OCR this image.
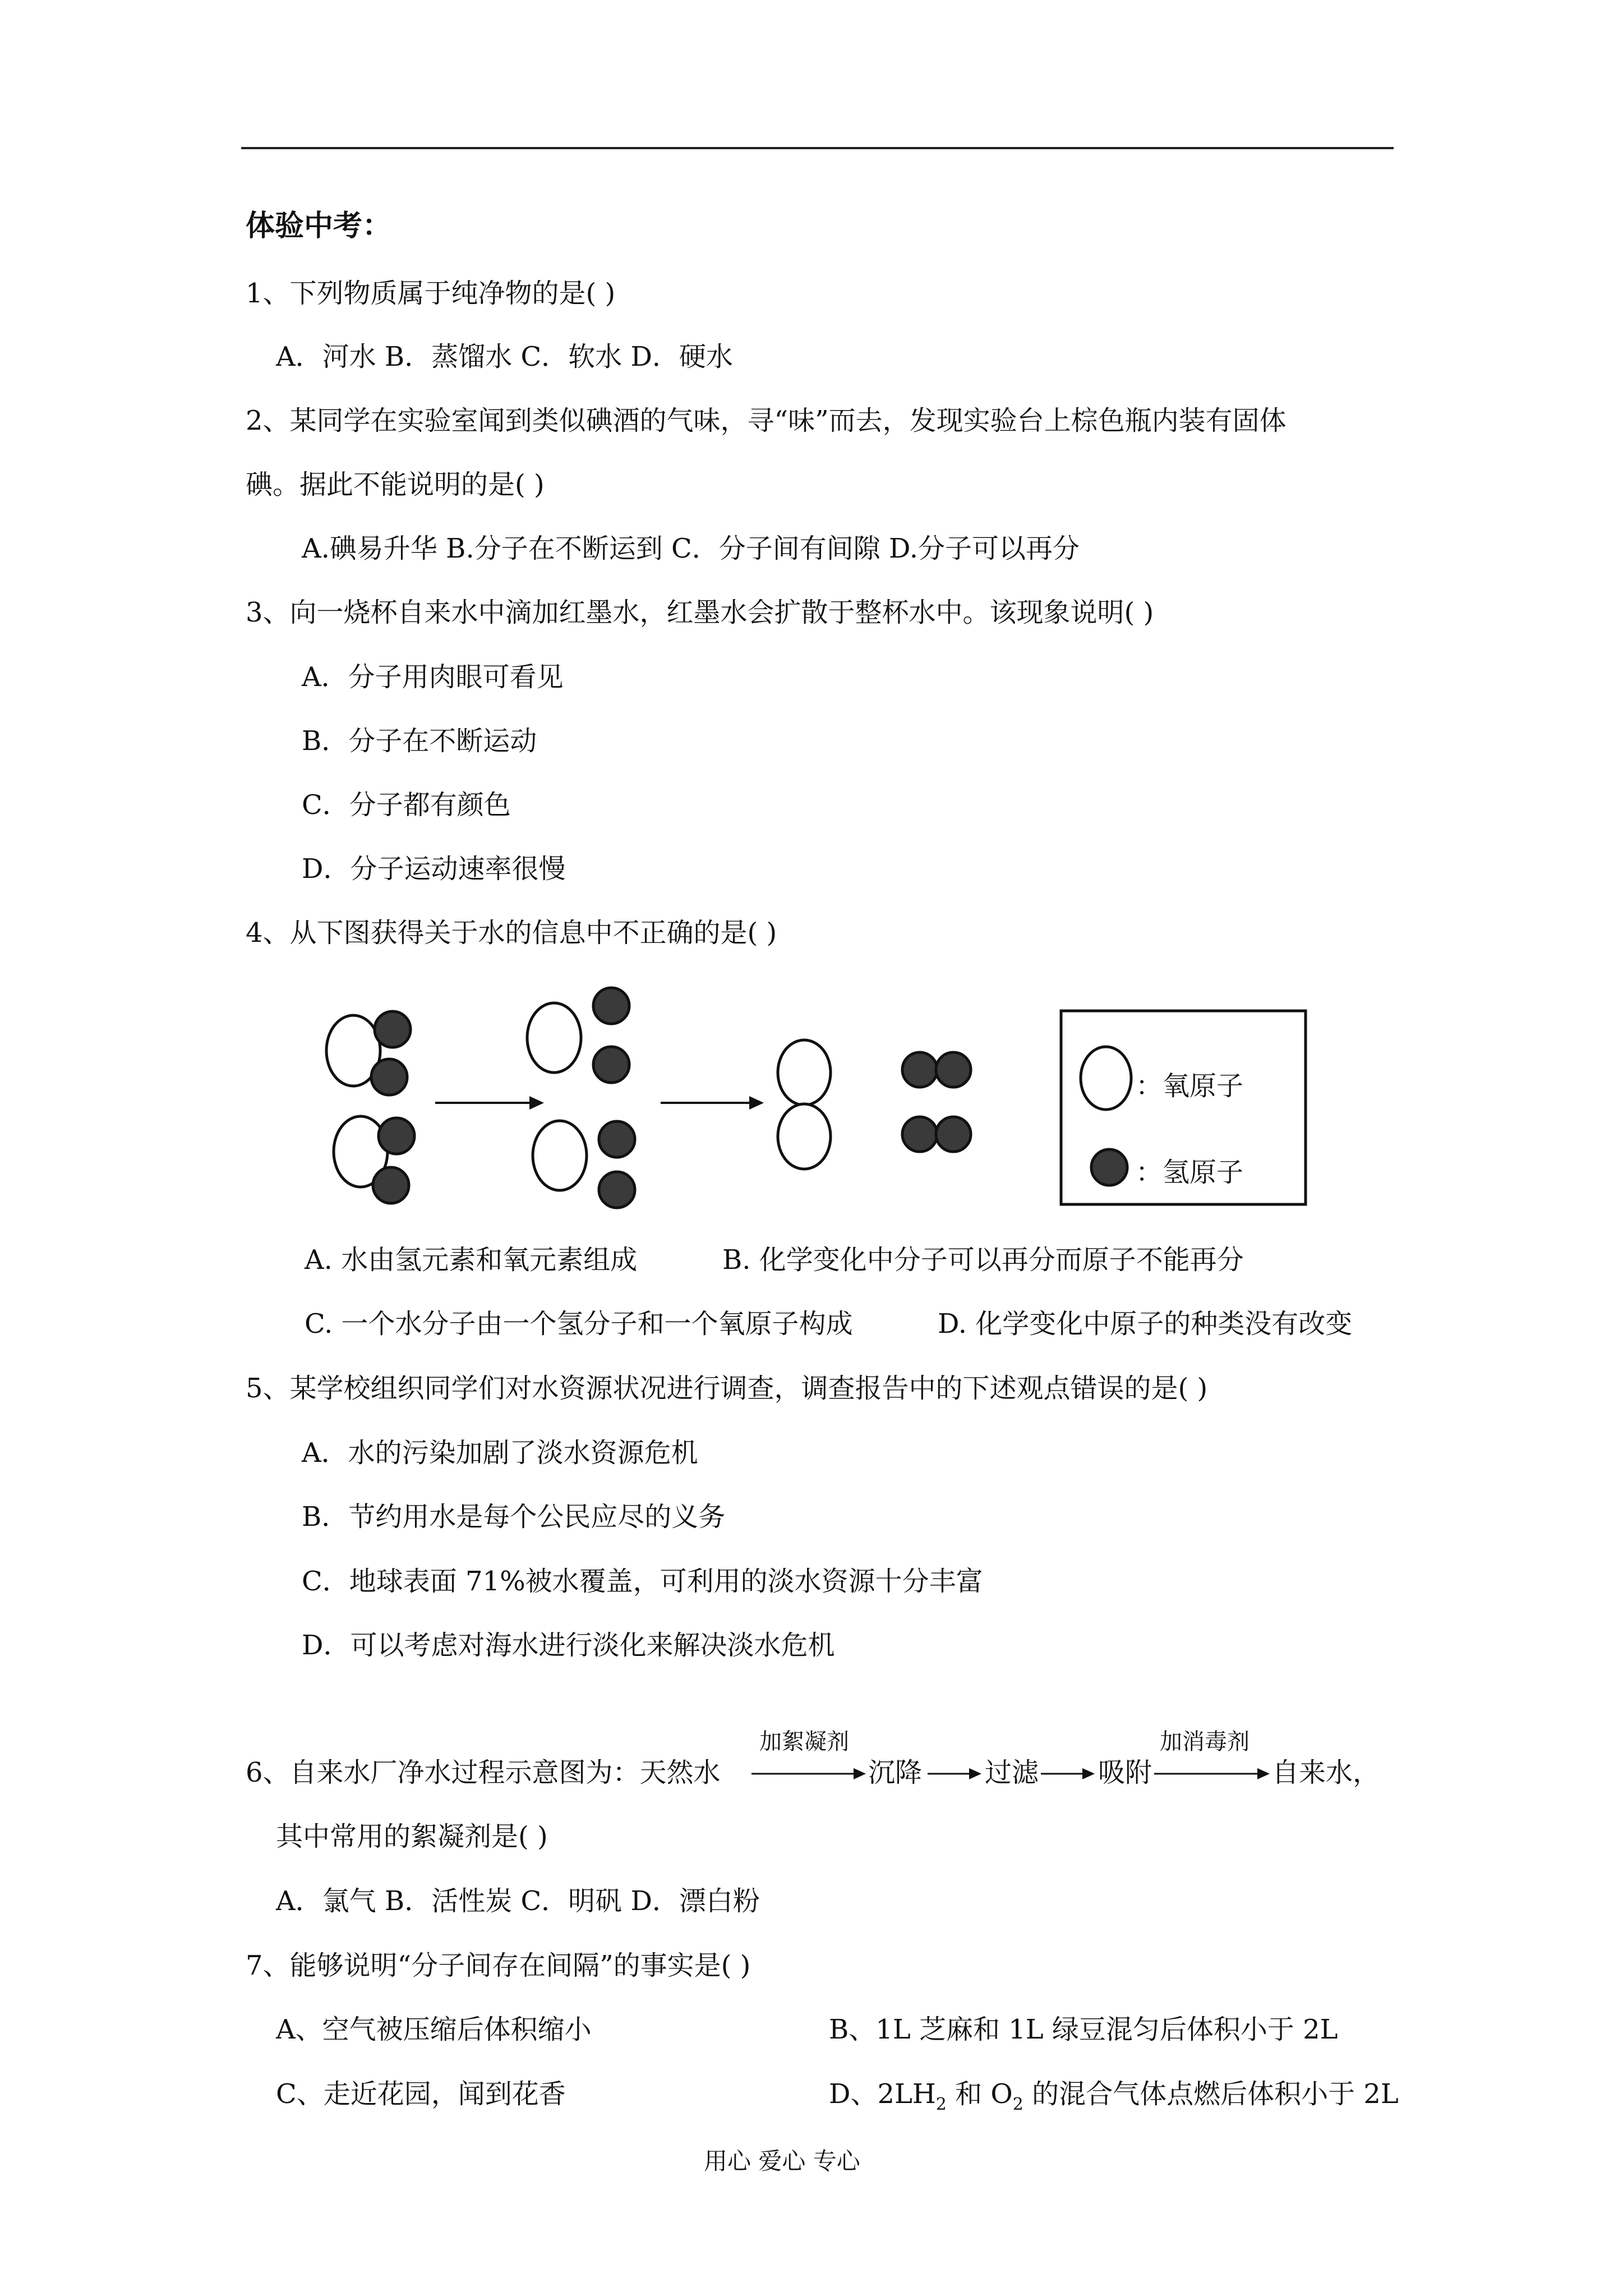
体验中考：
1、下列物质属于纯净物的是( )
A．河水 B．蒸馏水 C．软水 D．硬水
2、某同学在实验室闻到类似碘酒的气味，寻“味”而去，发现实验台上棕色瓶内装有固体
碘。据此不能说明的是( )
A.碘易升华 B.分子在不断运到 C．分子间有间隙 D.分子可以再分
3、向一烧杯自来水中滴加红墨水，红墨水会扩散于整杯水中。该现象说明( )
A．分子用肉眼可看见
B．分子在不断运动
C．分子都有颜色
D．分子运动速率很慢
4、从下图获得关于水的信息中不正确的是( )
：氧原子
：氢原子
A. 水由氢元素和氧元素组成	B. 化学变化中分子可以再分而原子不能再分
C. 一个水分子由一个氢分子和一个氧原子构成	D. 化学变化中原子的种类没有改变
5、某学校组织同学们对水资源状况进行调查，调查报告中的下述观点错误的是( )
A．水的污染加剧了淡水资源危机
B．节约用水是每个公民应尽的义务
C．地球表面 71%被水覆盖，可利用的淡水资源十分丰富
D．可以考虑对海水进行淡化来解决淡水危机
6、自来水厂净水过程示意图为：天然水
加絮凝剂
沉降 过滤 吸附
加消毒剂
自来水，
其中常用的絮凝剂是( )
A．氯气 B．活性炭 C．明矾 D．漂白粉
7、能够说明“分子间存在间隔”的事实是( )
A、空气被压缩后体积缩小	B、1L 芝麻和 1L 绿豆混匀后体积小于 2L
C、走近花园，闻到花香	D、$2LH_2$ 和 $O_2$ 的混合气体点燃后体积小于 2L
用心 爱心 专心
